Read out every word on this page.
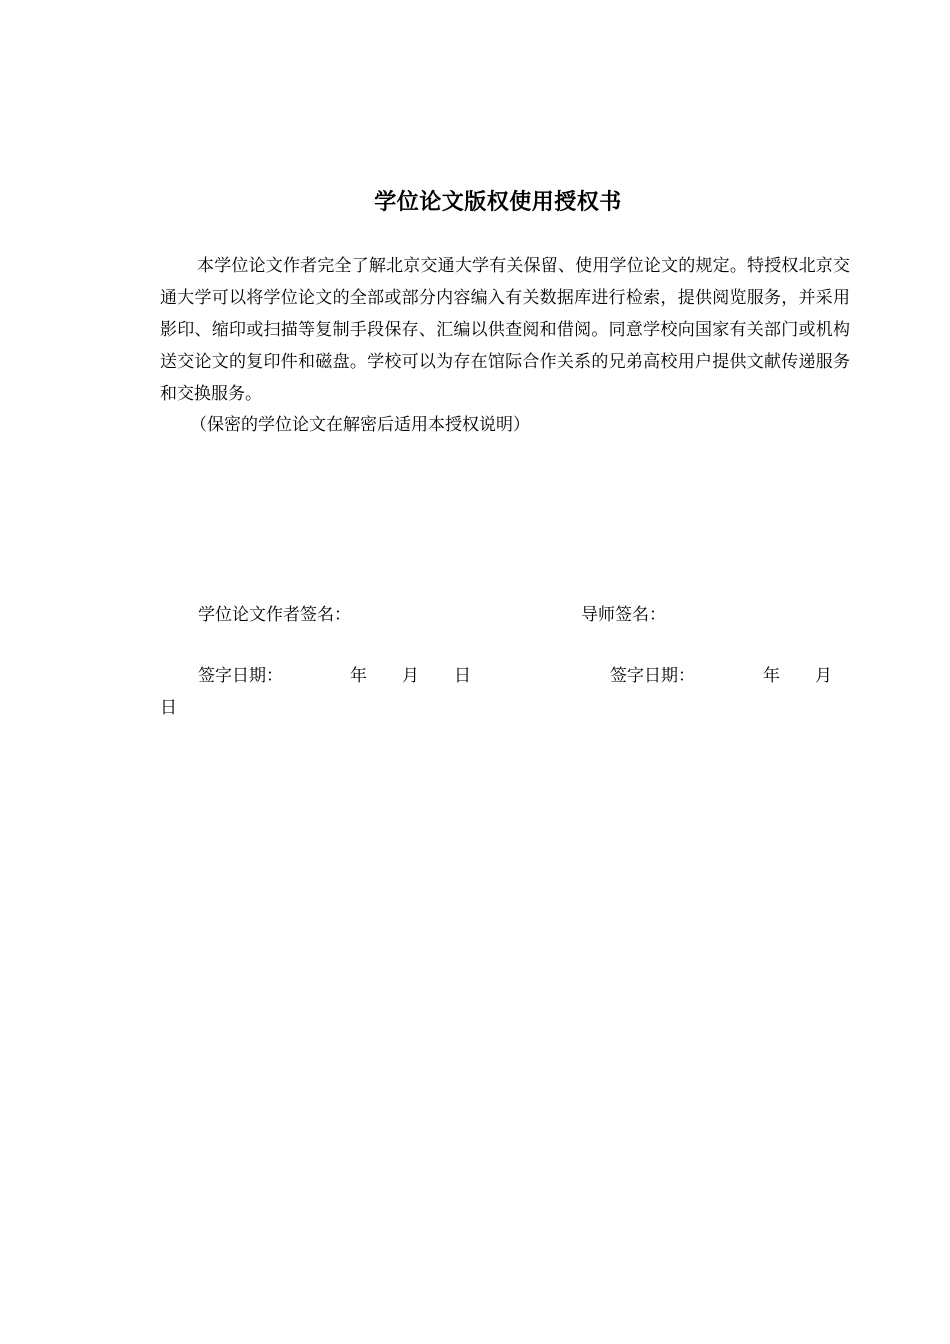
学位论文版权使用授权书

本学位论文作者完全了解北京交通大学有关保留、使用学位论文的规定。特授权北京交通大学可以将学位论文的全部或部分内容编入有关数据库进行检索，提供阅览服务，并采用影印、缩印或扫描等复制手段保存、汇编以供查阅和借阅。同意学校向国家有关部门或机构送交论文的复印件和磁盘。学校可以为存在馆际合作关系的兄弟高校用户提供文献传递服务和交换服务。

（保密的学位论文在解密后适用本授权说明）

学位论文作者签名：	导师签名：
签字日期：	年 月 日	签字日期：	年 月
日
